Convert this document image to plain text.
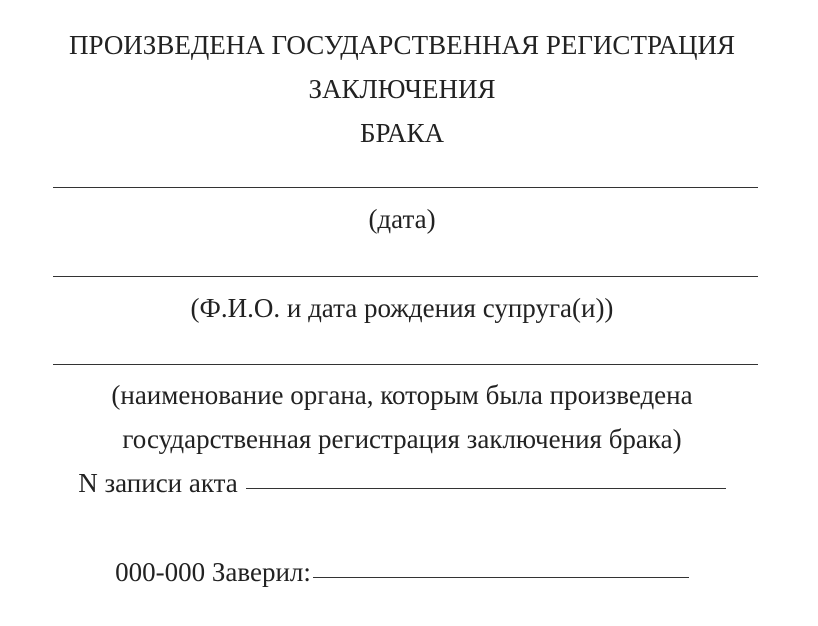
ПРОИЗВЕДЕНА ГОСУДАРСТВЕННАЯ РЕГИСТРАЦИЯ
ЗАКЛЮЧЕНИЯ
БРАКА
(дата)
(Ф.И.О. и дата рождения супруга(и))
(наименование органа, которым была произведена
государственная регистрация заключения брака)
N записи акта
000-000 Заверил:
